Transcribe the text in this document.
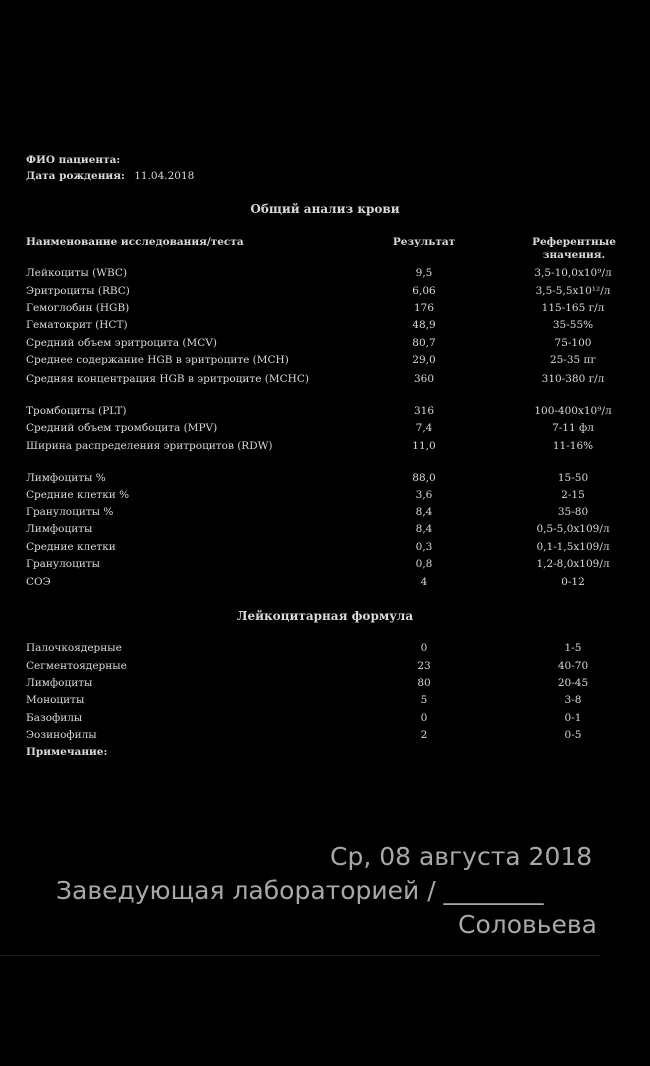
ФИО пациента:
Дата рождения: 11.04.2018
Общий анализ крови
Наименование исследования/теста	Результат	Референтные значения.
Лейкоциты (WBC)	9,5	3,5-10,0x10⁹/л
Эритроциты (RBC)	6,06	3,5-5,5x10¹²/л
Гемоглобин (HGB)	176	115-165 г/л
Гематокрит (HCT)	48,9	35-55%
Средний объем эритроцита (MCV)	80,7	75-100
Среднее содержание HGB в эритроците (MCH)	29,0	25-35 пг
Средняя концентрация HGB в эритроците (MCHC)	360	310-380 г/л
Тромбоциты (PLT)	316	100-400x10⁹/л
Средний объем тромбоцита (MPV)	7,4	7-11 фл
Ширина распределения эритроцитов (RDW)	11,0	11-16%
Лимфоциты %	88,0	15-50
Средние клетки %	3,6	2-15
Гранулоциты %	8,4	35-80
Лимфоциты	8,4	0,5-5,0x109/л
Средние клетки	0,3	0,1-1,5x109/л
Гранулоциты	0,8	1,2-8,0x109/л
СОЭ	4	0-12
Лейкоцитарная формула
Палочкоядерные	0	1-5
Сегментоядерные	23	40-70
Лимфоциты	80	20-45
Моноциты	5	3-8
Базофилы	0	0-1
Эозинофилы	2	0-5
Примечание:
Ср, 08 августа 2018
Заведующая лабораторией / ________
Соловьева
